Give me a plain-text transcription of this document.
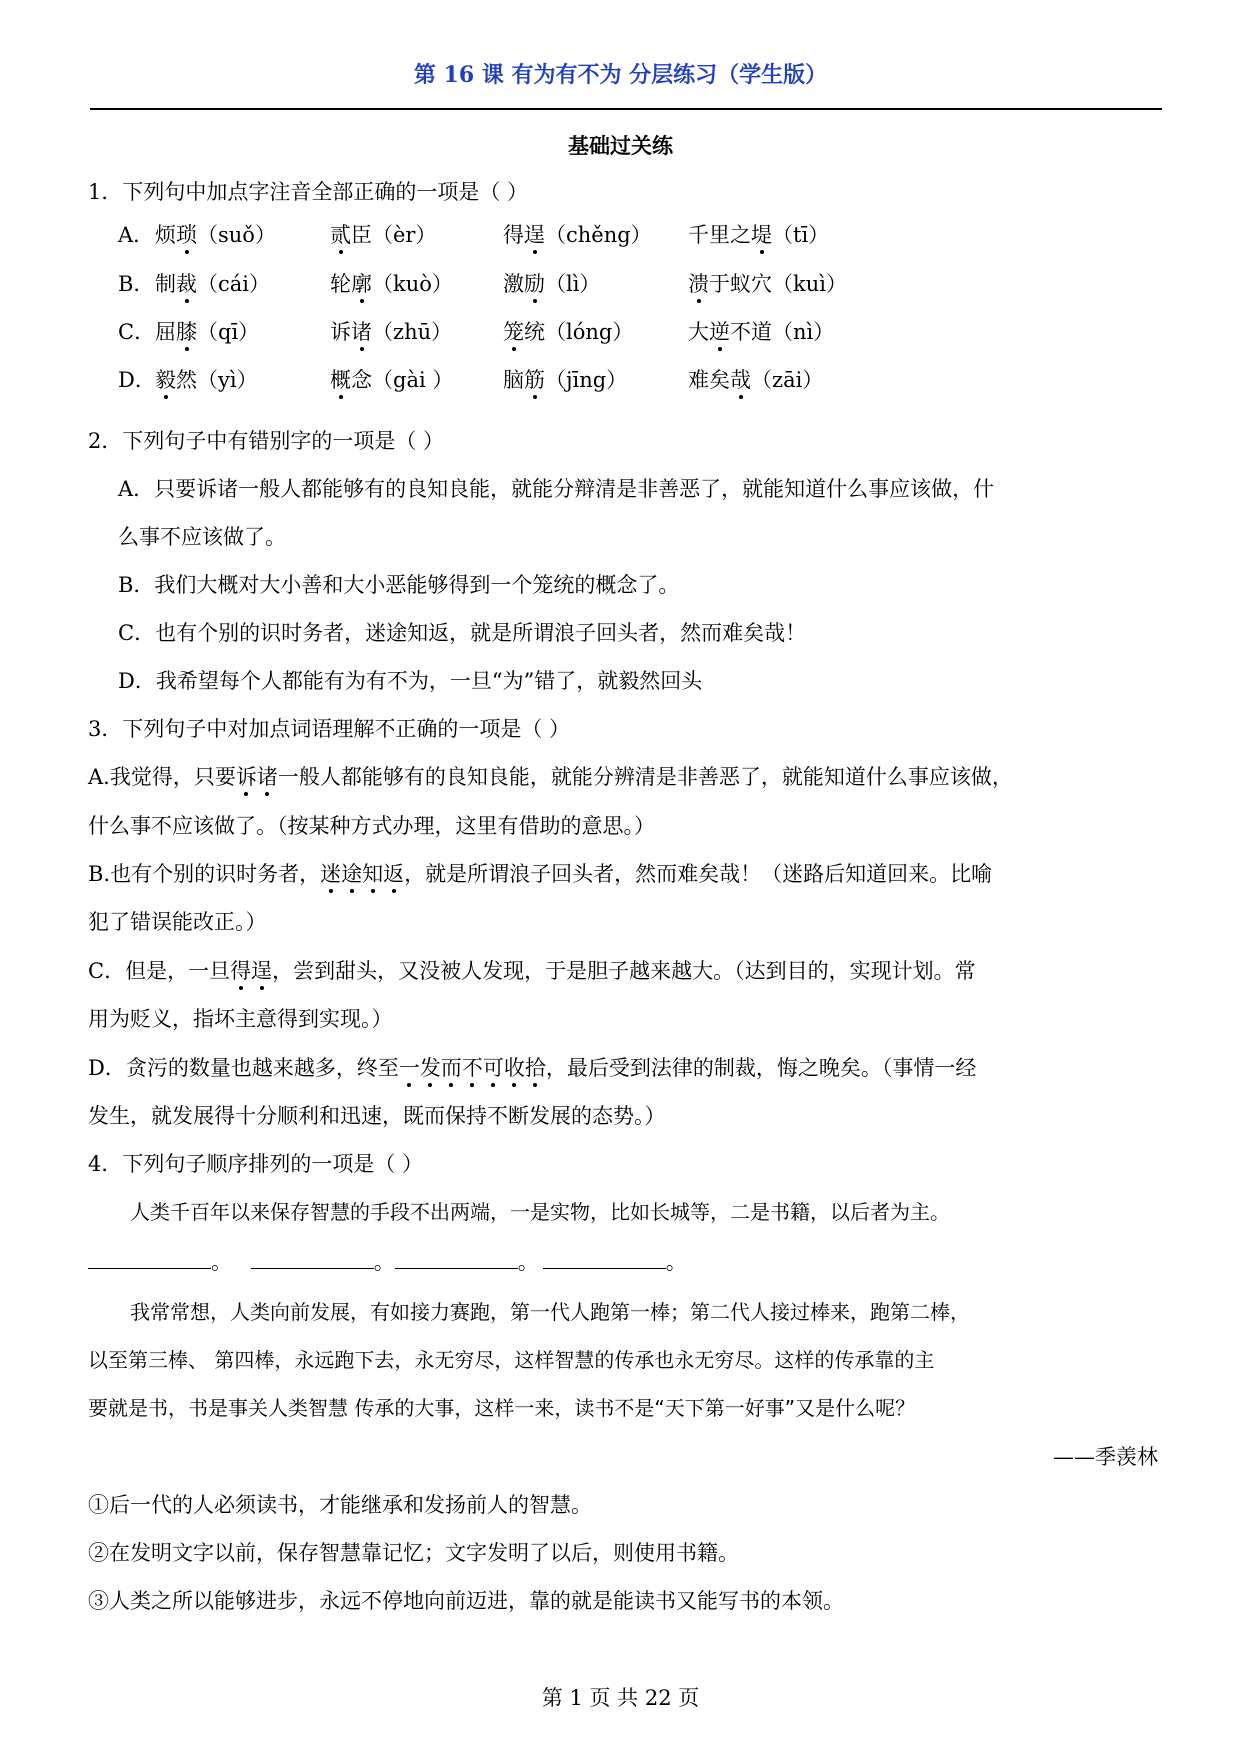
第 16 课 有为有不为 分层练习（学生版）
基础过关练
1．下列句中加点字注音全部正确的一项是（ ）
A． 烦琐（suǒ）	贰臣（èr）	得逞（chěng） 千里之堤（tī）
B． 制裁（cái）	轮廓（kuò） 激励（lì）	溃于蚁穴（kuì）
C． 屈膝（qī）	诉诸（zhū） 笼统（lóng）	大逆不道（nì）
D． 毅然（yì）	概念（gài ） 脑筋（jīng）	难矣哉（zāi）
2．下列句子中有错别字的一项是（ ）
A．只要诉诸一般人都能够有的良知良能，就能分辩清是非善恶了，就能知道什么事应该做，什
么事不应该做了。
B．我们大概对大小善和大小恶能够得到一个笼统的概念了。
C．也有个别的识时务者，迷途知返，就是所谓浪子回头者，然而难矣哉！
D．我希望每个人都能有为有不为，一旦“为”错了，就毅然回头
3．下列句子中对加点词语理解不正确的一项是（ ）
A.我觉得，只要诉诸一般人都能够有的良知良能，就能分辨清是非善恶了，就能知道什么事应该做，
什么事不应该做了。（按某种方式办理，这里有借助的意思。）
B.也有个别的识时务者，迷途知返，就是所谓浪子回头者，然而难矣哉！（迷路后知道回来。比喻
犯了错误能改正。）
C．但是，一旦得逞，尝到甜头，又没被人发现，于是胆子越来越大。（达到目的，实现计划。常
用为贬义，指坏主意得到实现。）
D．贪污的数量也越来越多，终至一发而不可收拾，最后受到法律的制裁，悔之晚矣。（事情一经
发生，就发展得十分顺利和迅速，既而保持不断发展的态势。）
4．下列句子顺序排列的一项是（ ）
人类千百年以来保存智慧的手段不出两端，一是实物，比如长城等，二是书籍，以后者为主。
。	。	。	。
我常常想，人类向前发展，有如接力赛跑，第一代人跑第一棒；第二代人接过棒来，跑第二棒，
以至第三棒、 第四棒，永远跑下去，永无穷尽，这样智慧的传承也永无穷尽。这样的传承靠的主
要就是书，书是事关人类智慧 传承的大事，这样一来，读书不是“天下第一好事”又是什么呢？
——季羡林
①后一代的人必须读书，才能继承和发扬前人的智慧。
②在发明文字以前，保存智慧靠记忆；文字发明了以后，则使用书籍。
③人类之所以能够进步，永远不停地向前迈进，靠的就是能读书又能写书的本领。
第 1 页 共 22 页
